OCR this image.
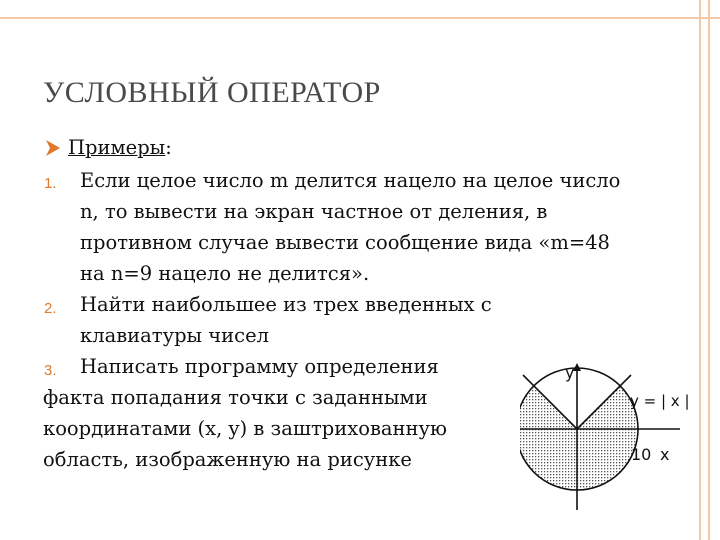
УСЛОВНЫЙ ОПЕРАТОР
Примеры:
1. Если целое число m делится нацело на целое число
n, то вывести на экран частное от деления, в
противном случае вывести сообщение вида «m=48
на n=9 нацело не делится».
2. Найти наибольшее из трех введенных с
клавиатуры чисел
3. Написать программу определения
факта попадания точки с заданными
координатами (x, y) в заштрихованную
область, изображенную на рисунке
y
y = | x |
10 x
